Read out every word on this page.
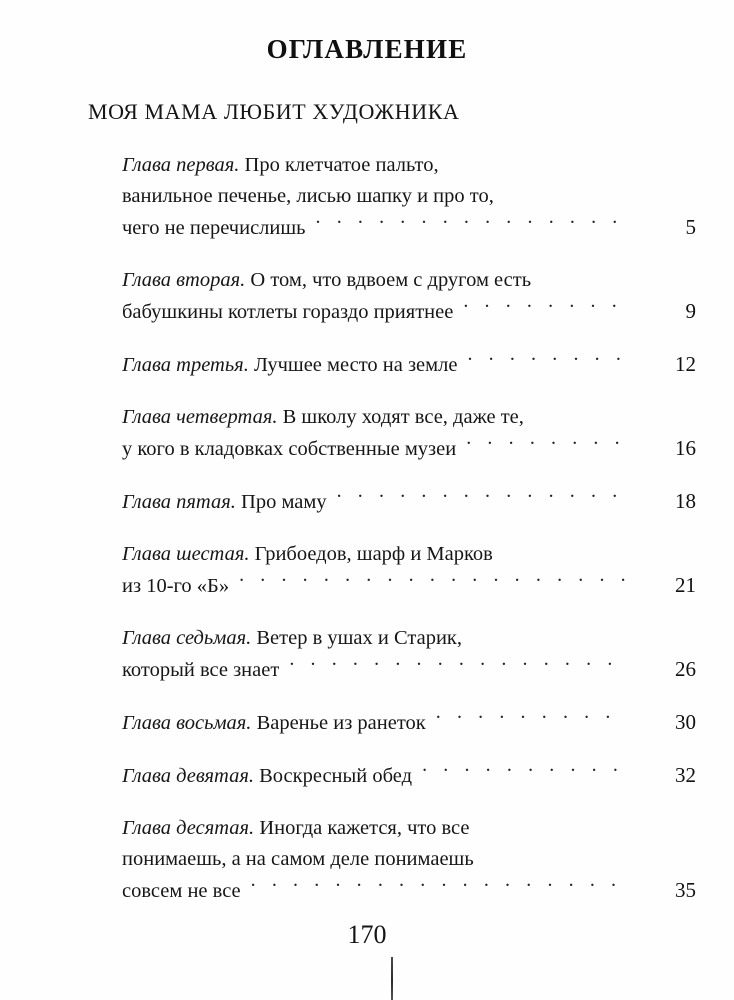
ОГЛАВЛЕНИЕ
МОЯ МАМА ЛЮБИТ ХУДОЖНИКА
Глава первая. Про клетчатое пальто,
ванильное печенье, лисью шапку и про то,
чего не перечислишь . . .	5
Глава вторая. О том, что вдвоем с другом есть
бабушкины котлеты гораздо приятнее . . .	9
Глава третья. Лучшее место на земле . . .	12
Глава четвертая. В школу ходят все, даже те,
у кого в кладовках собственные музеи . . .	16
Глава пятая. Про маму . . .	18
Глава шестая. Грибоедов, шарф и Марков
из 10-го «Б» . . .	21
Глава седьмая. Ветер в ушах и Старик,
который все знает . . .	26
Глава восьмая. Варенье из ранеток . . .	30
Глава девятая. Воскресный обед . . .	32
Глава десятая. Иногда кажется, что все
понимаешь, а на самом деле понимаешь
совсем не все . . .	35
170
